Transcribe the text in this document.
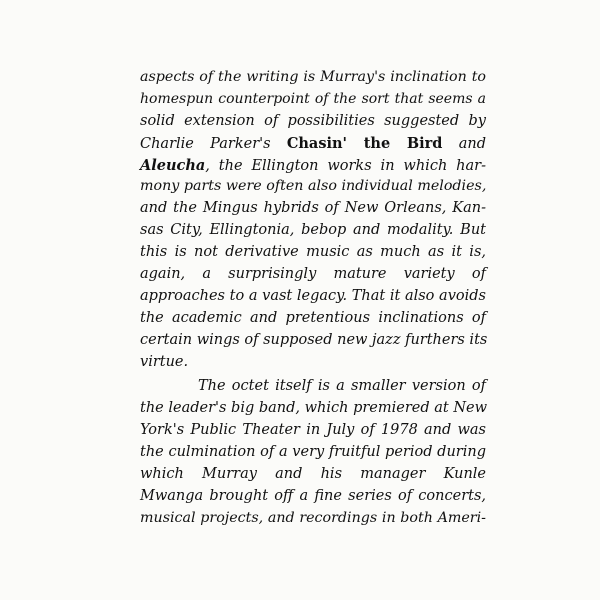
aspects of the writing is Murray's inclination to
homespun counterpoint of the sort that seems a
solid extension of possibilities suggested by
Charlie Parker's Chasin' the Bird and
Aleucha, the Ellington works in which har-
mony parts were often also individual melodies,
and the Mingus hybrids of New Orleans, Kan-
sas City, Ellingtonia, bebop and modality. But
this is not derivative music as much as it is,
again, a surprisingly mature variety of
approaches to a vast legacy. That it also avoids
the academic and pretentious inclinations of
certain wings of supposed new jazz furthers its
virtue.
The octet itself is a smaller version of
the leader's big band, which premiered at New
York's Public Theater in July of 1978 and was
the culmination of a very fruitful period during
which Murray and his manager Kunle
Mwanga brought off a fine series of concerts,
musical projects, and recordings in both Ameri-
